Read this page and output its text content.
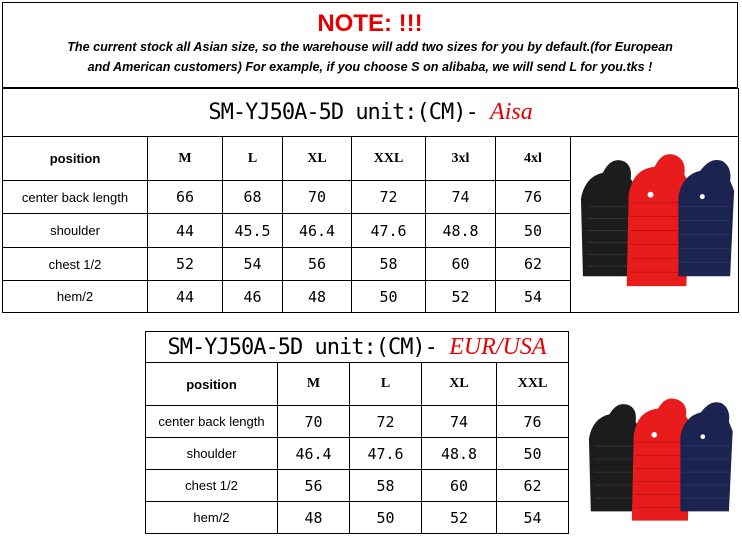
NOTE: !!!
The current stock all Asian size, so the warehouse will add two sizes for you by default.(for European
and American customers) For example, if you choose S on alibaba, we will send L for you.tks !
SM-YJ50A-5D unit:(CM)- Aisa							
position	M	L	XL	XXL	3xl	4xl	

center back length	66	68	70	72	74	76	
shoulder	44	45.5	46.4	47.6	48.8	50	
chest 1/2	52	54	56	58	60	62	
hem/2	44	46	48	50	52	54	
SM-YJ50A-5D unit:(CM)- EUR/USA				
position	M	L	XL	XXL
center back length	70	72	74	76
shoulder	46.4	47.6	48.8	50
chest 1/2	56	58	60	62
hem/2	48	50	52	54
